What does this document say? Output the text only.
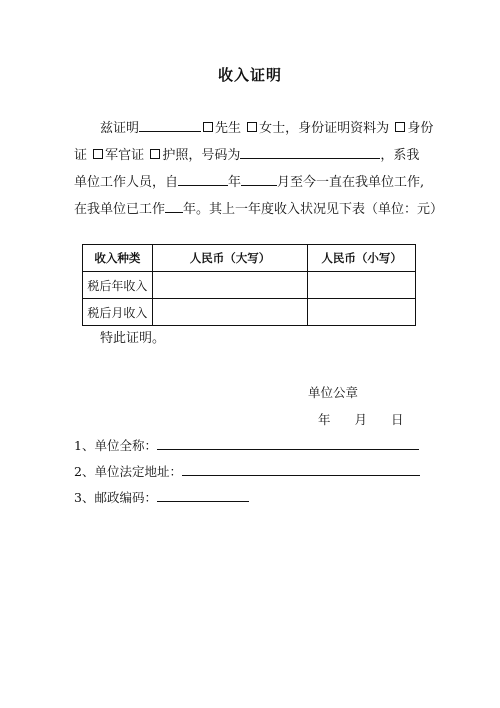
收入证明
兹证明	先生 女士，身份证明资料为 身份
证 军官证 护照，号码为	，系我
单位工作人员，自	年	月至今一直在我单位工作,
在我单位已工作 年。其上一年度收入状况见下表（单位：元）
收入种类	人民币（大写）	人民币（小写）
税后年收入		
税后月收入		
特此证明。
单位公章
年 月 日
1、单位全称：
2、单位法定地址：
3、邮政编码：
